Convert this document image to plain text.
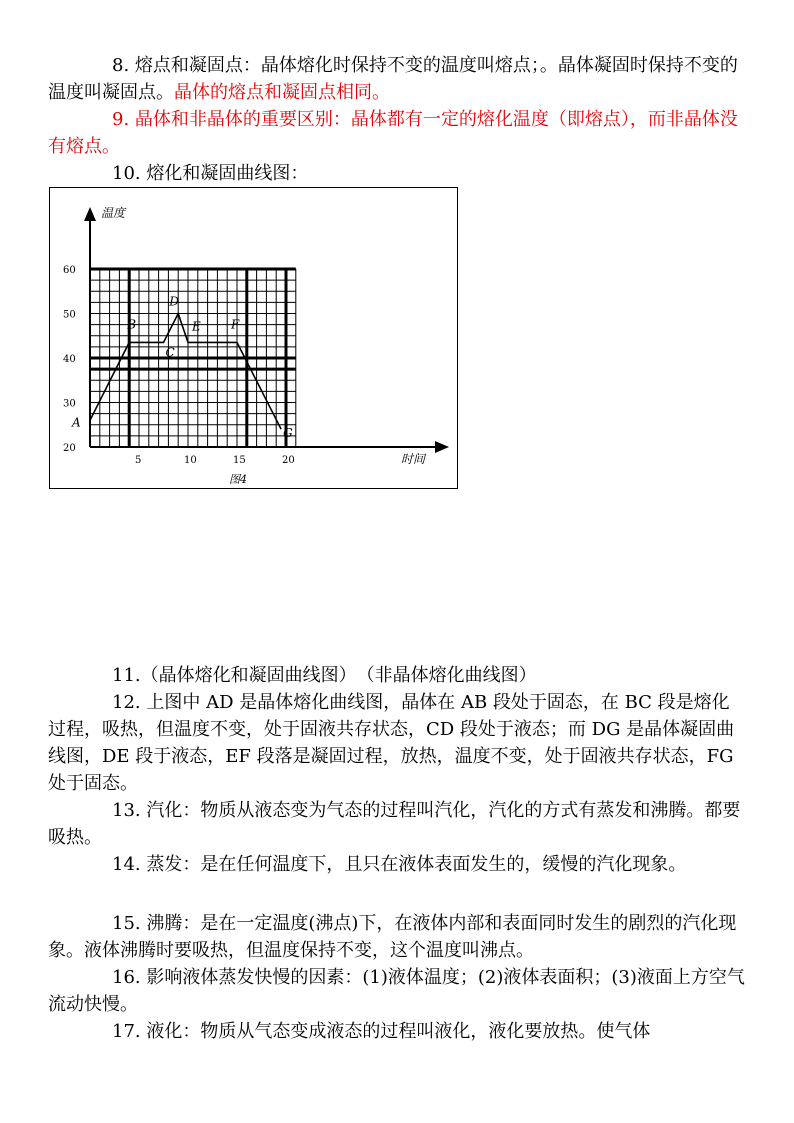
8. 熔点和凝固点：晶体熔化时保持不变的温度叫熔点；。晶体凝固时保持不变的温度叫凝固点。晶体的熔点和凝固点相同。

9. 晶体和非晶体的重要区别：晶体都有一定的熔化温度（即熔点），而非晶体没有熔点。

10. 熔化和凝固曲线图：

20
30
40
50
60
5	10	15	20
A
B
C
D
E	F
G
温度
时间
图4

11.（晶体熔化和凝固曲线图）　（非晶体熔化曲线图）

12. 上图中 AD 是晶体熔化曲线图，晶体在 AB 段处于固态，在 BC 段是熔化过程，吸热，但温度不变，处于固液共存状态，CD 段处于液态；而 DG 是晶体凝固曲线图，DE 段于液态，EF 段落是凝固过程，放热，温度不变，处于固液共存状态，FG 处于固态。

13. 汽化：物质从液态变为气态的过程叫汽化，汽化的方式有蒸发和沸腾。都要吸热。

14. 蒸发：是在任何温度下，且只在液体表面发生的，缓慢的汽化现象。

15. 沸腾：是在一定温度(沸点)下，在液体内部和表面同时发生的剧烈的汽化现象。液体沸腾时要吸热，但温度保持不变，这个温度叫沸点。

16. 影响液体蒸发快慢的因素：(1)液体温度；(2)液体表面积；(3)液面上方空气流动快慢。

17. 液化：物质从气态变成液态的过程叫液化，液化要放热。使气体
